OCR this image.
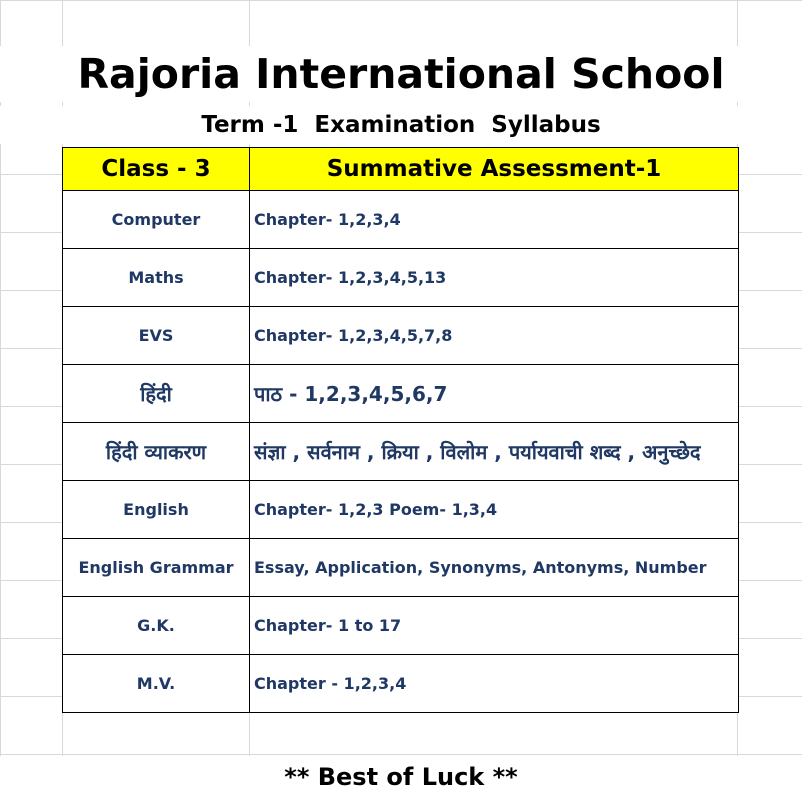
Rajoria International School
Term -1  Examination  Syllabus
Class - 3	Summative Assessment-1
Computer	Chapter- 1,2,3,4
Maths	Chapter- 1,2,3,4,5,13
EVS	Chapter- 1,2,3,4,5,7,8
हिंदी	पाठ - 1,2,3,4,5,6,7
हिंदी व्याकरण	संज्ञा , सर्वनाम , क्रिया , विलोम , पर्यायवाची शब्द , अनुच्छेद
English	Chapter- 1,2,3 Poem- 1,3,4
English Grammar	Essay, Application, Synonyms, Antonyms, Number
G.K.	Chapter- 1 to 17
M.V.	Chapter - 1,2,3,4
** Best of Luck **
